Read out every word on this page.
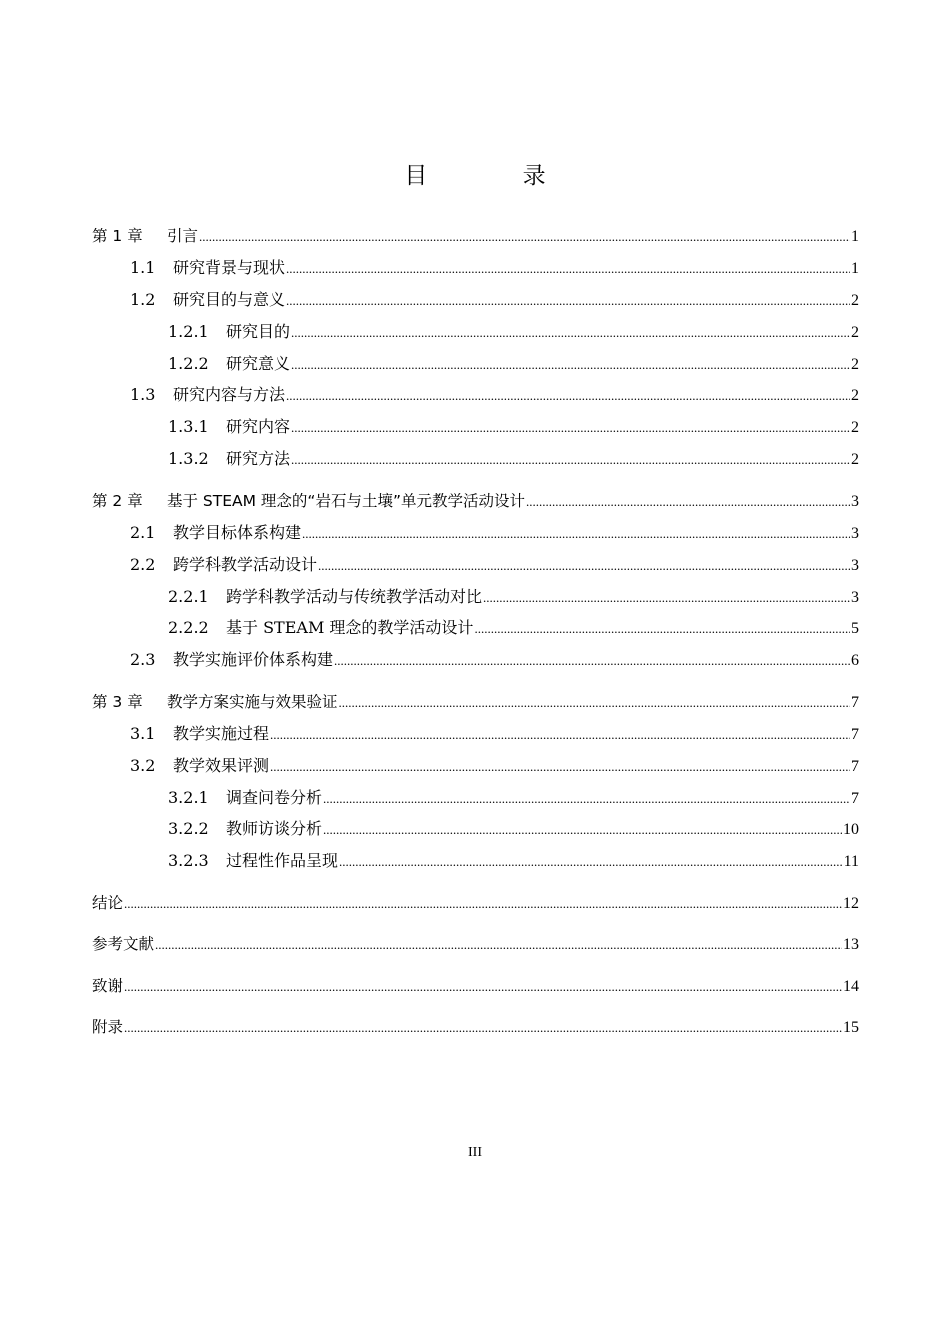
目 录
第 1 章	引言 .....	1
1.1	研究背景与现状 .....	1
1.2	研究目的与意义 .....	2
1.2.1	研究目的 .....	2
1.2.2	研究意义 .....	2
1.3	研究内容与方法 .....	2
1.3.1	研究内容 .....	2
1.3.2	研究方法 .....	2
第 2 章	基于 STEAM 理念的“岩石与土壤”单元教学活动设计 .....	3
2.1	教学目标体系构建 .....	3
2.2	跨学科教学活动设计 .....	3
2.2.1	跨学科教学活动与传统教学活动对比 .....	3
2.2.2	基于 STEAM 理念的教学活动设计 .....	5
2.3	教学实施评价体系构建 .....	6
第 3 章	教学方案实施与效果验证 .....	7
3.1	教学实施过程 .....	7
3.2	教学效果评测 .....	7
3.2.1	调查问卷分析 .....	7
3.2.2	教师访谈分析 .....	10
3.2.3	过程性作品呈现 .....	11
结论 .....	12
参考文献 .....	13
致谢 .....	14
附录 .....	15
III
